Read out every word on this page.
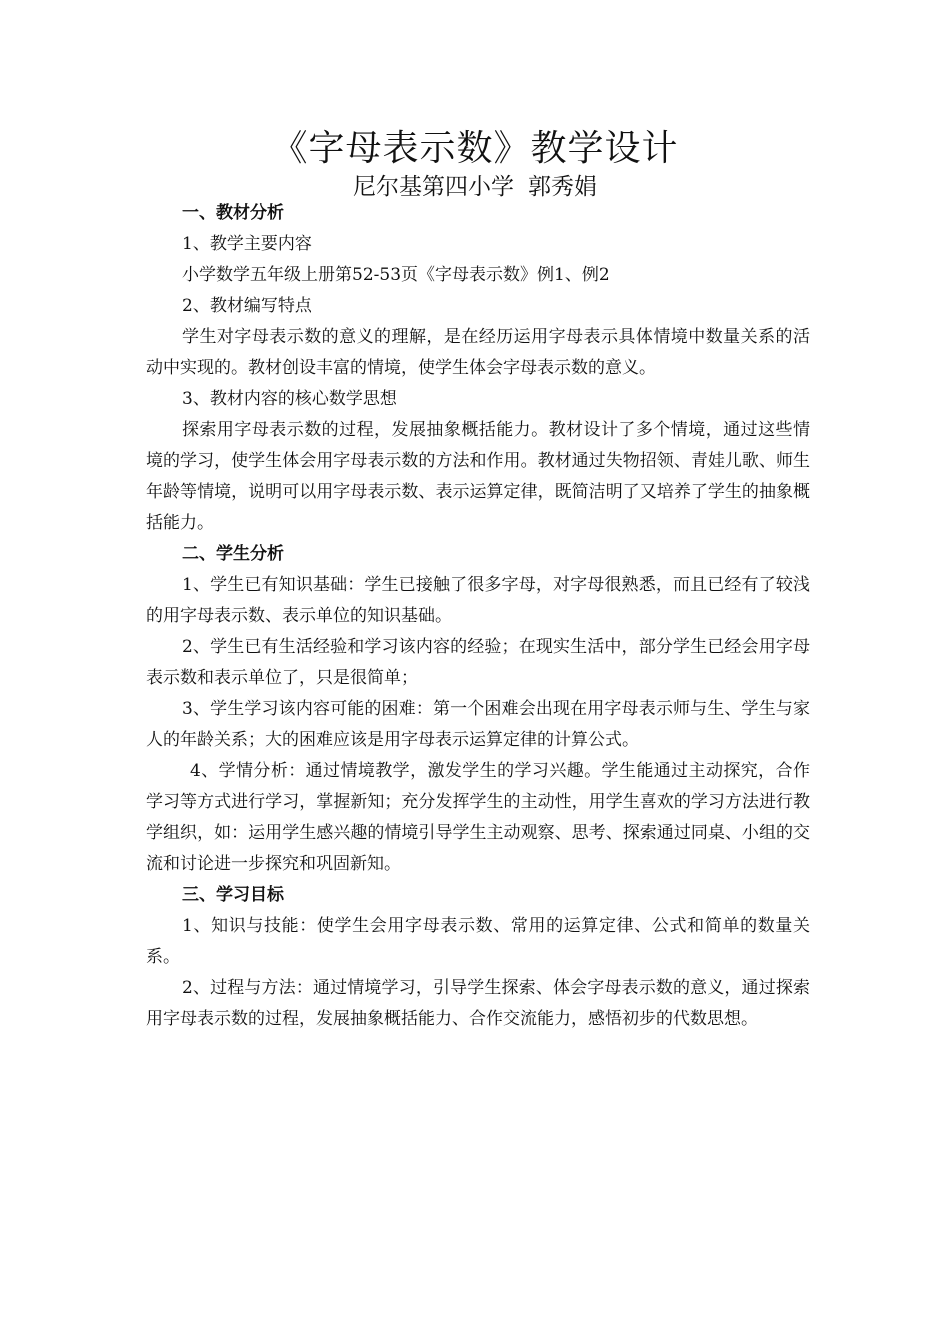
《字母表示数》教学设计
尼尔基第四小学 郭秀娟

一、教材分析

1、教学主要内容

小学数学五年级上册第52-53页《字母表示数》例1、例2

2、教材编写特点

学生对字母表示数的意义的理解，是在经历运用字母表示具体情境中数量关系的活动中实现的。教材创设丰富的情境，使学生体会字母表示数的意义。

3、教材内容的核心数学思想

探索用字母表示数的过程，发展抽象概括能力。教材设计了多个情境，通过这些情境的学习，使学生体会用字母表示数的方法和作用。教材通过失物招领、青娃儿歌、师生年龄等情境，说明可以用字母表示数、表示运算定律，既简洁明了又培养了学生的抽象概括能力。

二、学生分析

1、学生已有知识基础：学生已接触了很多字母，对字母很熟悉，而且已经有了较浅的用字母表示数、表示单位的知识基础。

2、学生已有生活经验和学习该内容的经验；在现实生活中，部分学生已经会用字母表示数和表示单位了，只是很简单；

3、学生学习该内容可能的困难：第一个困难会出现在用字母表示师与生、学生与家人的年龄关系；大的困难应该是用字母表示运算定律的计算公式。

4、学情分析：通过情境教学，激发学生的学习兴趣。学生能通过主动探究，合作学习等方式进行学习，掌握新知；充分发挥学生的主动性，用学生喜欢的学习方法进行教学组织，如：运用学生感兴趣的情境引导学生主动观察、思考、探索通过同桌、小组的交流和讨论进一步探究和巩固新知。

三、学习目标

1、知识与技能：使学生会用字母表示数、常用的运算定律、公式和简单的数量关系。

2、过程与方法：通过情境学习，引导学生探索、体会字母表示数的意义，通过探索用字母表示数的过程，发展抽象概括能力、合作交流能力，感悟初步的代数思想。
